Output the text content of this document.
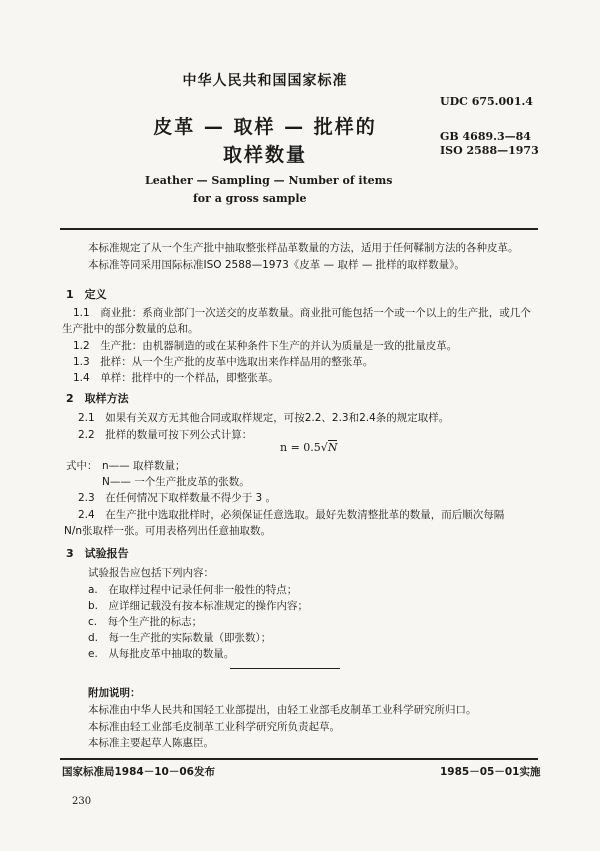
中华人民共和国国家标准
UDC 675.001.4
皮革 — 取样 — 批样的
取样数量
GB 4689.3—84
ISO 2588—1973
Leather — Sampling — Number of items
for a gross sample
本标准规定了从一个生产批中抽取整张样品革数量的方法，适用于任何鞣制方法的各种皮革。
本标准等同采用国际标准ISO 2588—1973《皮革 — 取样 — 批样的取样数量》。
1　定义
1.1　 商业批：系商业部门一次送交的皮革数量。商业批可能包括一个或一个以上的生产批，或几个
生产批中的部分数量的总和。
1.2　 生产批：由机器制造的或在某种条件下生产的并认为质量是一致的批量皮革。
1.3　 批样：从一个生产批的皮革中选取出来作样品用的整张革。
1.4　 单样：批样中的一个样品，即整张革。
2　取样方法
2.1　 如果有关双方无其他合同或取样规定，可按2.2、2.3和2.4条的规定取样。
2.2　 批样的数量可按下列公式计算：
n = 0.5√N
式中： n—— 取样数量；
N—— 一个生产批皮革的张数。
2.3　 在任何情况下取样数量不得少于 3 。
2.4　 在生产批中选取批样时，必须保证任意选取。最好先数清整批革的数量，而后顺次每隔
N/n张取样一张。可用表格列出任意抽取数。
3　试验报告
试验报告应包括下列内容：
a.　 在取样过程中记录任何非一般性的特点；
b.　 应详细记载没有按本标准规定的操作内容；
c.　 每个生产批的标志；
d.　 每一生产批的实际数量（即张数）；
e.　 从每批皮革中抽取的数量。
附加说明：
本标准由中华人民共和国轻工业部提出，由轻工业部毛皮制革工业科学研究所归口。
本标准由轻工业部毛皮制革工业科学研究所负责起草。
本标准主要起草人陈惠臣。
国家标准局1984－10－06发布	1985－05－01实施
230
